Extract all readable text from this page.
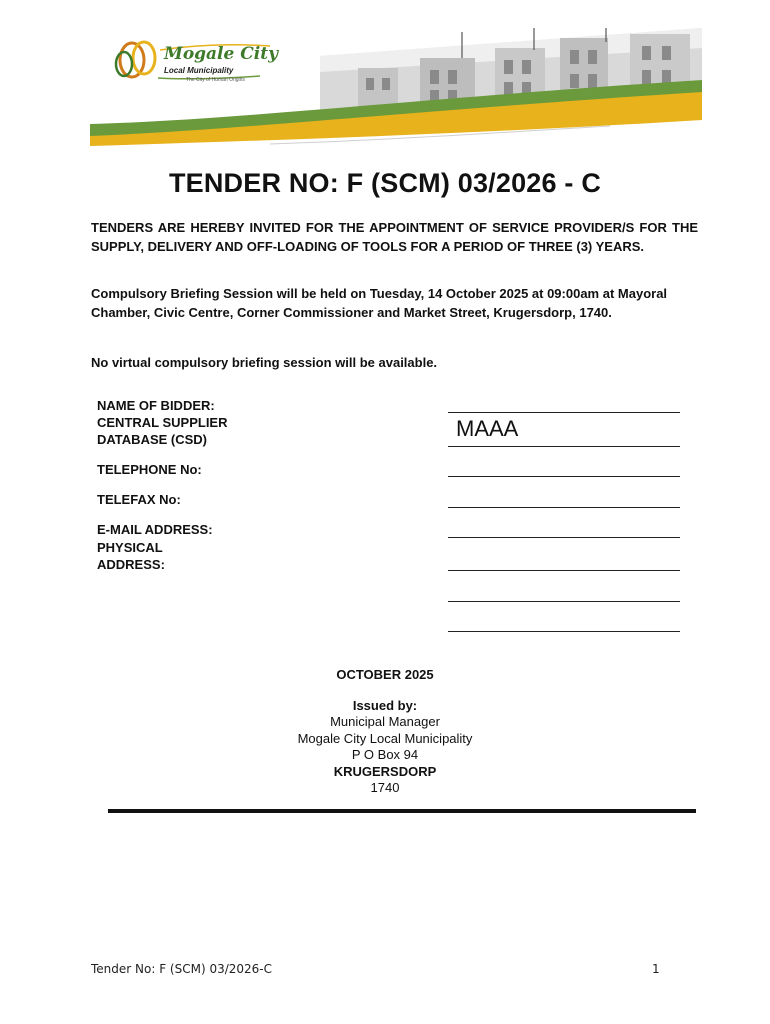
Mogale City
Local Municipality
The City of Human Origins
TENDER NO: F (SCM) 03/2026 - C
TENDERS ARE HEREBY INVITED FOR THE APPOINTMENT OF SERVICE PROVIDER/S FOR THE SUPPLY, DELIVERY AND OFF-LOADING OF TOOLS FOR A PERIOD OF THREE (3) YEARS.
Compulsory Briefing Session will be held on Tuesday, 14 October 2025 at 09:00am at Mayoral Chamber, Civic Centre, Corner Commissioner and Market Street, Krugersdorp, 1740.
No virtual compulsory briefing session will be available.
NAME OF BIDDER:
CENTRAL SUPPLIER
DATABASE (CSD)
TELEPHONE No:
TELEFAX No:
E-MAIL ADDRESS:
PHYSICAL
ADDRESS:
MAAA
OCTOBER 2025
Issued by:
Municipal Manager
Mogale City Local Municipality
P O Box 94
KRUGERSDORP
1740
Tender No: F (SCM) 03/2026-C	1
